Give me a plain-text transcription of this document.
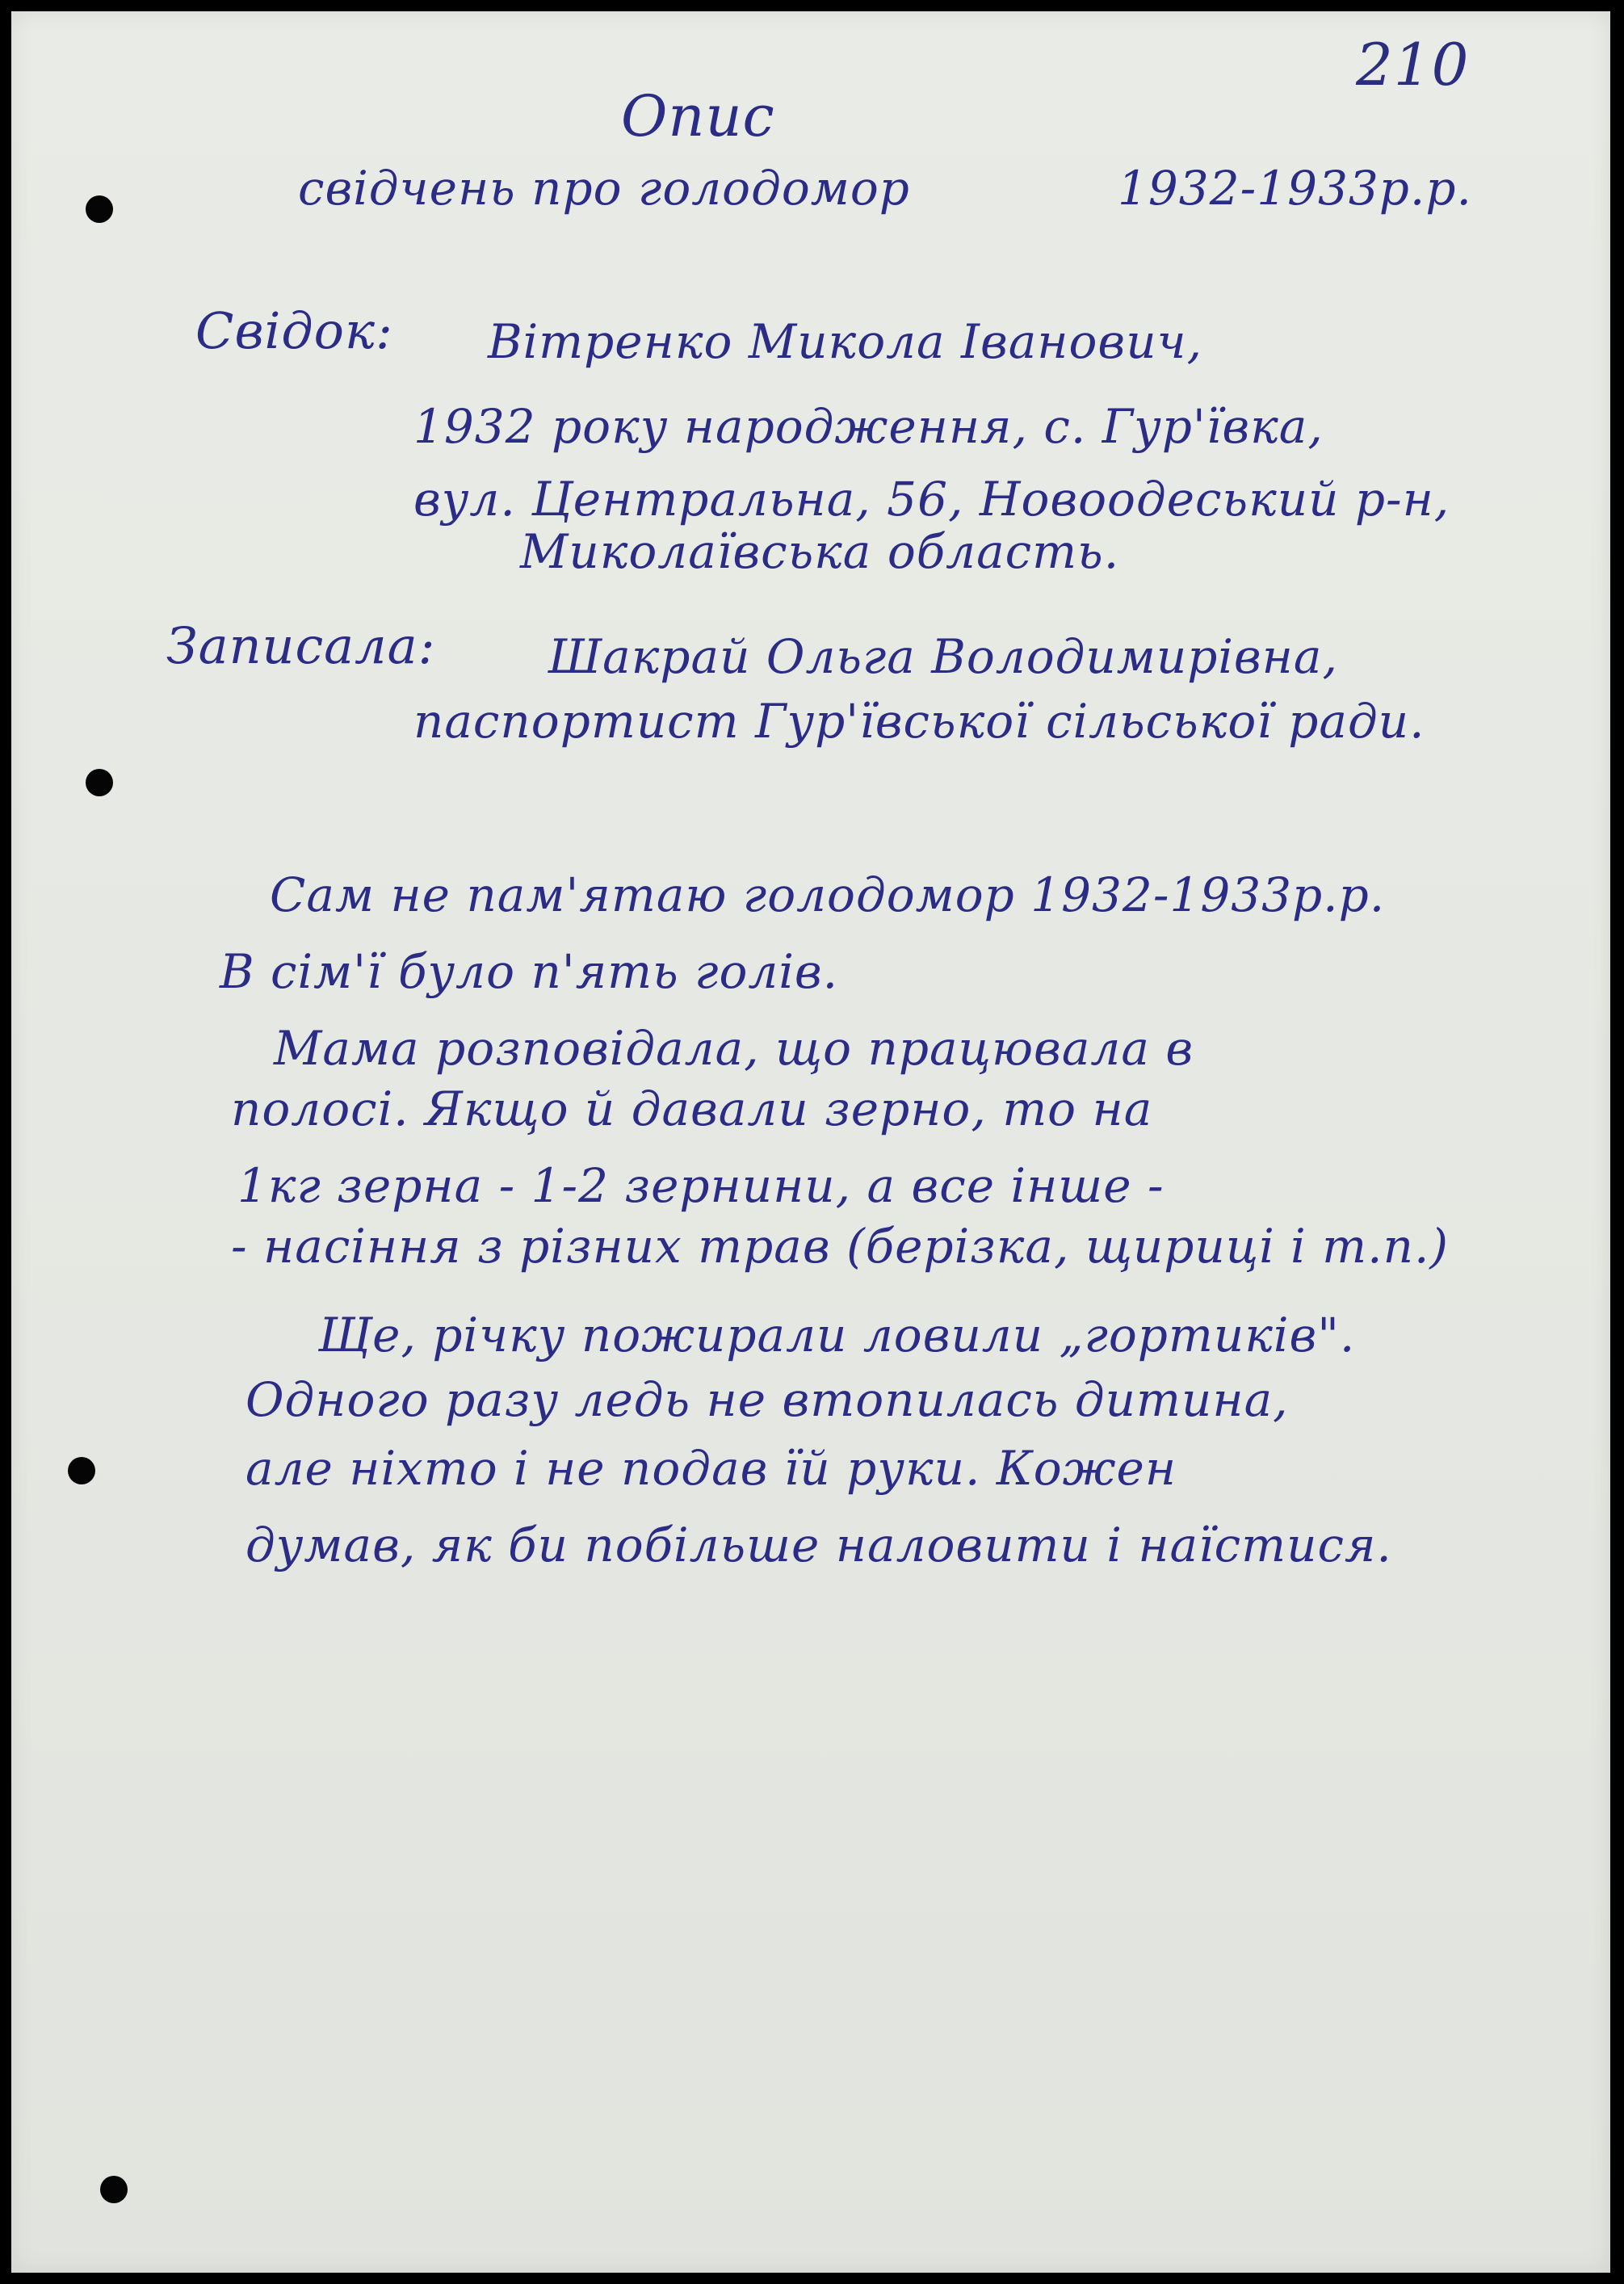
210
Опис
свідчень про голодомор	1932-1933р.р.
Свідок: Вітренко Микола Іванович,
1932 року народження, с. Гур'ївка,
вул. Центральна, 56, Новоодеський р-н,
Миколаївська область.
Записала: Шакрай Ольга Володимирівна,
паспортист Гур'ївської сільської ради.
Сам не пам'ятаю голодомор 1932-1933р.р.
В сім'ї було п'ять голів.
Мама розповідала, що працювала в
полосі. Якщо й давали зерно, то на
1кг зерна - 1-2 зернини, а все інше -
- насіння з різних трав (берізка, щириці і т.п.)
Ще, річку пожирали ловили „гортиків".
Одного разу ледь не втопилась дитина,
але ніхто і не подав їй руки. Кожен
думав, як би побільше наловити і наїстися.
